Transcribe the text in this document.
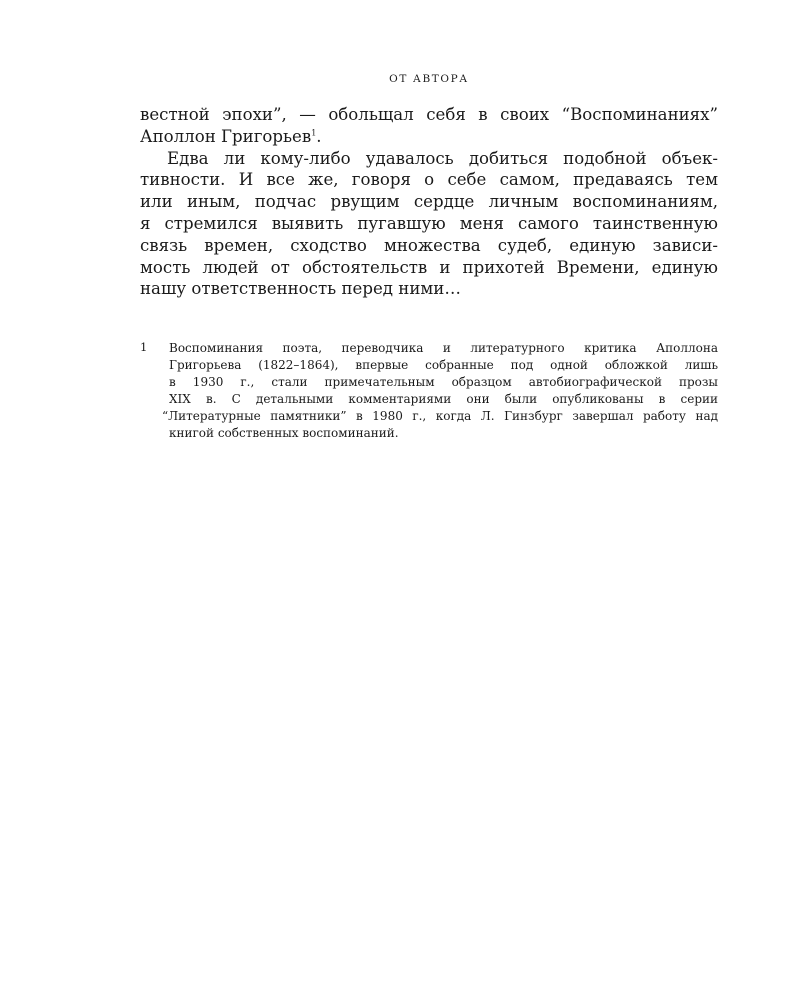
ОТ АВТОРА
вестной эпохи”, — обольщал себя в своих “Воспоминаниях”
Аполлон Григорьев$^1$.
Едва ли кому-либо удавалось добиться подобной объек-
тивности. И все же, говоря о себе самом, предаваясь тем
или иным, подчас рвущим сердце личным воспоминаниям,
я стремился выявить пугавшую меня самого таинственную
связь времен, сходство множества судеб, единую зависи-
мость людей от обстоятельств и прихотей Времени, единую
нашу ответственность перед ними…
1 Воспоминания поэта, переводчика и литературного критика Аполлона
Григорьева (1822–1864), впервые собранные под одной обложкой лишь
в 1930 г., стали примечательным образцом автобиографической прозы
XIX в. С детальными комментариями они были опубликованы в серии
“Литературные памятники” в 1980 г., когда Л. Гинзбург завершал работу над
книгой собственных воспоминаний.
